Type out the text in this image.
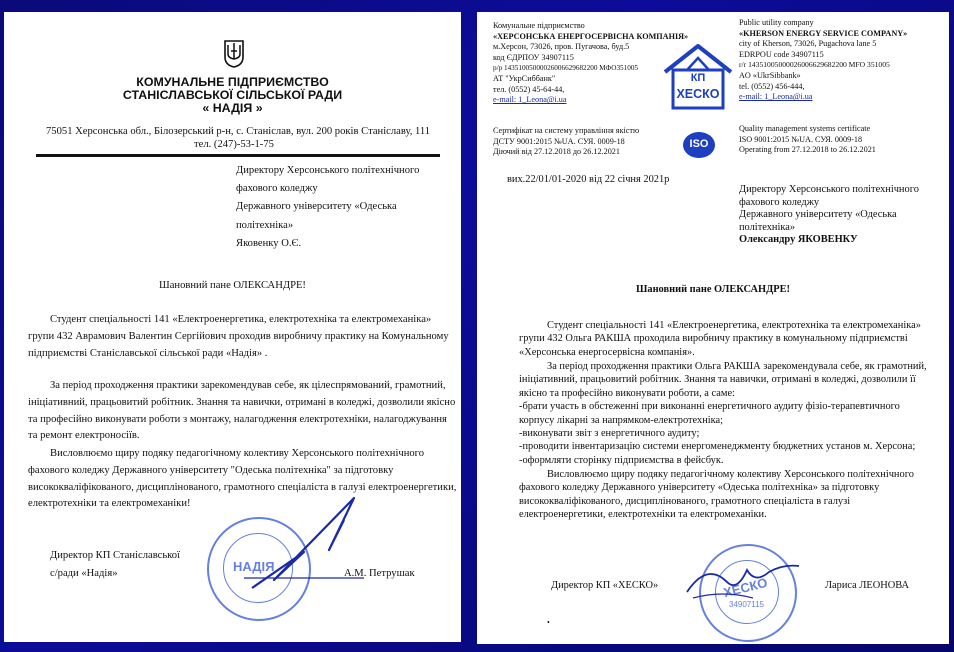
КОМУНАЛЬНЕ ПІДПРИЄМСТВО
СТАНІСЛАВСЬКОЇ СІЛЬСЬКОЇ РАДИ
« НАДІЯ »
75051 Херсонська обл., Білозерський р-н, с. Станіслав, вул. 200 років Станіславу, 111
тел. (247)-53-1-75
Директору Херсонського політехнічного
фахового коледжу
Державного університету «Одеська
політехніка»
Яковенку О.Є.
Шановний пане ОЛЕКСАНДРЕ!
Студент спеціальності 141 «Електроенергетика, електротехніка та електромеханіка»
групи 432 Аврамович Валентин Сергійович проходив виробничу практику на Комунальному
підприємстві Станіславської сільської ради «Надія» .
За період проходження практики зарекомендував себе, як цілеспрямований, грамотний,
ініціативний, працьовитий робітник. Знання та навички, отримані в коледжі, дозволили якісно
та професійно виконувати роботи з монтажу, налагодження електротехніки, налагоджування
та ремонт електроносіїв.
Висловлюємо щиру подяку педагогічному колективу Херсонського політехнічного
фахового коледжу Державного університету "Одеська політехніка" за підготовку
висококваліфікованого, дисциплінованого, грамотного спеціаліста в галузі електроенергетики,
електротехніки та електромеханіки!
Директор КП Станіславської
с/ради «Надія»	А.М. Петрушак
НАДІЯ
Комунальне підприємство
«ХЕРСОНСЬКА ЕНЕРГОСЕРВІСНА КОМПАНІЯ»
м.Херсон, 73026, пров. Пугачова, буд.5
код ЄДРПОУ 34907115
р/р 14351005000026006629682200 МФО351005
АТ "УкрСиббанк"
тел. (0552) 45-64-44,
e-mail: 1_Leona@i.ua
Public utility company
«KHERSON ENERGY SERVICE COMPANY»
city of Kherson, 73026, Pugachova lane 5
EDRPOU code 34907115
r/r 14351005000026006629682200 MFO 351005
AO «UkrSibbank»
tel. (0552) 456-444,
e-mail: 1_Leona@i.ua
КП
ХЕСКО
Сертифікат на систему управління якістю
ДСТУ 9001:2015 №UA. СУЯ. 0009-18
Діючий від 27.12.2018 до 26.12.2021
ISO
Quality management systems certificate
ISO 9001:2015 №UA. СУЯ. 0009-18
Operating from 27.12.2018 to 26.12.2021
вих.22/01/01-2020 від 22 січня 2021р
Директору Херсонського політехнічного
фахового коледжу
Державного університету «Одеська
політехніка»
Олександру ЯКОВЕНКУ
Шановний пане ОЛЕКСАНДРЕ!
Студент спеціальності 141 «Електроенергетика, електротехніка та електромеханіка»
групи 432 Ольга РАКША проходила виробничу практику в комунальному підприємстві
«Херсонська енергосервісна компанія».
За період проходження практики Ольга РАКША зарекомендувала себе, як грамотний,
ініціативний, працьовитий робітник. Знання та навички, отримані в коледжі, дозволили її
якісно та професійно виконувати роботи, а саме:
-брати участь в обстеженні при виконанні енергетичного аудиту фізіо-терапевтичного
корпусу лікарні за напрямком-електротехніка;
-виконувати звіт з енергетичного аудиту;
-проводити інвентаризацію системи енергоменеджменту бюджетних установ м. Херсона;
-оформляти сторінку підприємства в фейсбук.
Висловлюємо щиру подяку педагогічному колективу Херсонського політехнічного
фахового коледжу Державного університету «Одеська політехніка» за підготовку
висококваліфікованого, дисциплінованого, грамотного спеціаліста в галузі
електроенергетики, електротехніки та електромеханіки.
Директор КП «ХЕСКО»	Лариса ЛЕОНОВА
ХЕСКО
34907115
•
